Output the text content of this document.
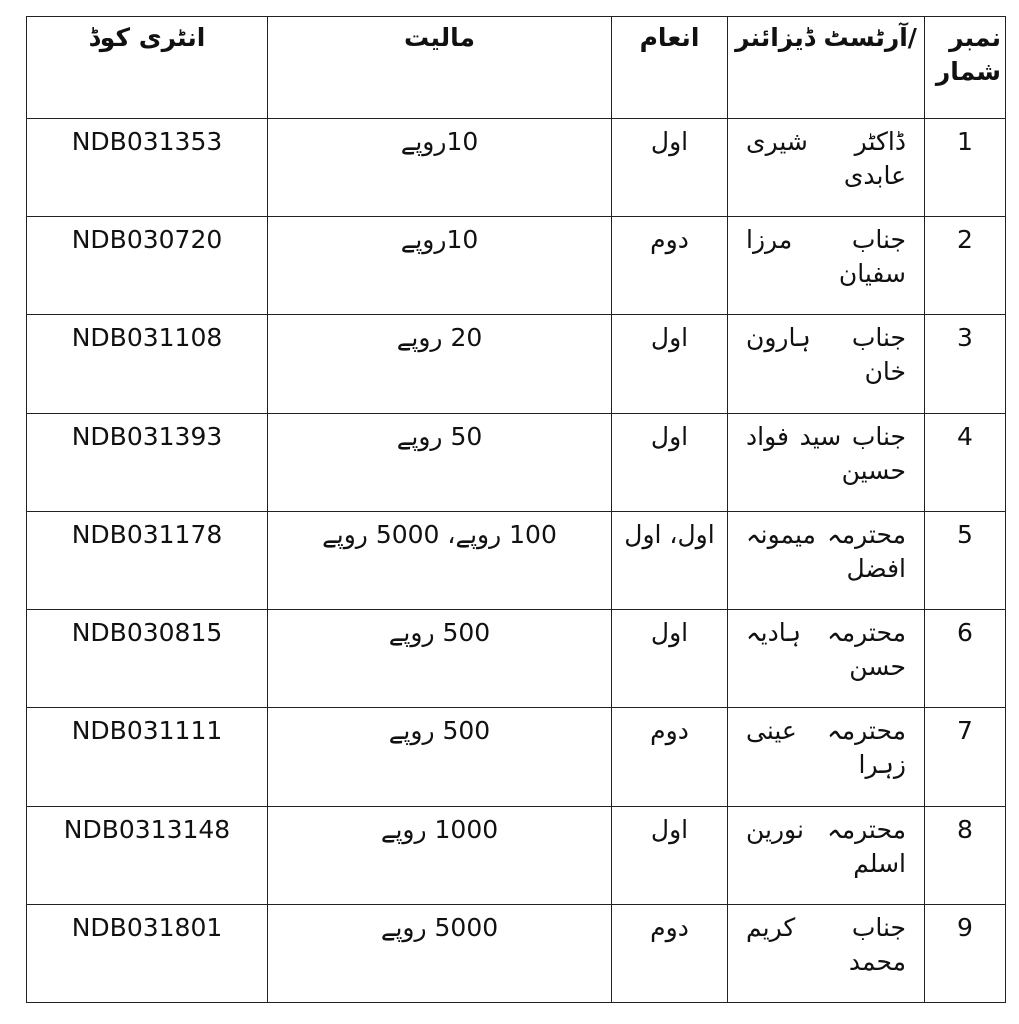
نمبر شمار	/آرٹسٹ ڈیزائنر	انعام	مالیت	انٹری کوڈ
1	ڈاکٹر شیری عابدی	اول	10روپے	NDB031353
2	جناب مرزا سفیان	دوم	10روپے	NDB030720
3	جناب ہارون خان	اول	20 روپے	NDB031108
4	جناب سید فواد حسین	اول	50 روپے	NDB031393
5	محترمہ میمونہ افضل	اول، اول	100 روپے، 5000 روپے	NDB031178
6	محترمہ ہادیہ حسن	اول	500 روپے	NDB030815
7	محترمہ عینی زہرا	دوم	500 روپے	NDB031111
8	محترمہ نورین اسلم	اول	1000 روپے	NDB0313148
9	جناب کریم محمد	دوم	5000 روپے	NDB031801
